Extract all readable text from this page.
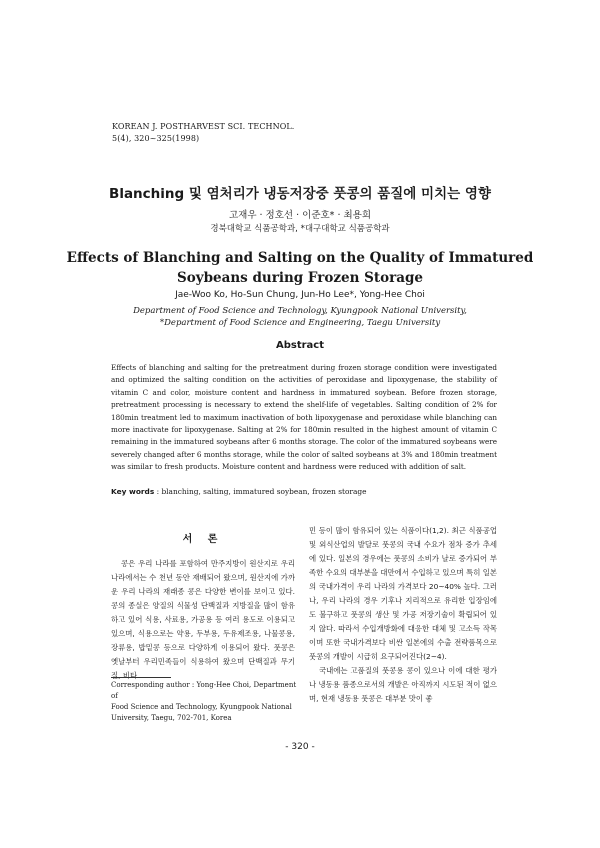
KOREAN J. POSTHARVEST SCI. TECHNOL.
5(4), 320~325(1998)
Blanching 및 염처리가 냉동저장중 풋콩의 품질에 미치는 영향
고재우 · 정호선 · 이준호* · 최용희
경북대학교 식품공학과, *대구대학교 식품공학과
Effects of Blanching and Salting on the Quality of Immatured
Soybeans during Frozen Storage
Jae-Woo Ko, Ho-Sun Chung, Jun-Ho Lee*, Yong-Hee Choi
Department of Food Science and Technology, Kyungpook National University,
*Department of Food Science and Engineering, Taegu University
Abstract

Effects of blanching and salting for the pretreatment during frozen storage condition were investigated and optimized the salting condition on the activities of peroxidase and lipoxygenase, the stability of vitamin C and color, moisture content and hardness in immatured soybean. Before frozen storage, pretreatment processing is necessary to extend the shelf-life of vegetables. Salting condition of 2% for 180min treatment led to maximum inactivation of both lipoxygenase and peroxidase while blanching can more inactivate for lipoxygenase. Salting at 2% for 180min resulted in the highest amount of vitamin C remaining in the immatured soybeans after 6 months storage. The color of the immatured soybeans were severely changed after 6 months storage, while the color of salted soybeans at 3% and 180min treatment was similar to fresh products. Moisture content and hardness were reduced with addition of salt.

Key words : blanching, salting, immatured soybean, frozen storage
서 론

콩은 우리 나라를 포함하여 만주지방이 원산지로 우리 나라에서는 수 천년 동안 재배되어 왔으며, 원산지에 가까운 우리 나라의 재래종 콩은 다양한 변이를 보이고 있다. 콩의 종실은 양질의 식물성 단백질과 지방질을 많이 함유하고 있어 식용, 사료용, 가공용 등 여러 용도로 이용되고 있으며, 식용으로는 약용, 두부용, 두유제조용, 나물콩용, 장류용, 밥밑콩 등으로 다양하게 이용되어 왔다. 풋콩은 옛날부터 우리민족들이 식용하여 왔으며 단백질과 무기질, 비타

민 등이 많이 함유되어 있는 식품이다(1,2). 최근 식품공업 및 외식산업의 발달로 풋콩의 국내 수요가 점차 증가 추세에 있다. 일본의 경우에는 풋콩의 소비가 날로 증가되어 부족한 수요의 대부분을 대만에서 수입하고 있으며 특히 일본의 국내가격이 우리 나라의 가격보다 20~40% 높다. 그러나, 우리 나라의 경우 기후나 지리적으로 유리한 입장임에도 불구하고 풋콩의 생산 및 가공 저장기술이 확립되어 있지 않다. 따라서 수입개방화에 대응한 대체 및 고소득 작목이며 또한 국내가격보다 비싼 일본에의 수출 전략품목으로 풋콩의 개발이 시급히 요구되어진다(2~4).

국내에는 고품질의 풋콩용 콩이 있으나 이에 대한 평가나 냉동용 품종으로서의 개발은 아직까지 시도된 적이 없으며, 현재 냉동용 풋콩은 대부분 맛이 좋

Corresponding author : Yong-Hee Choi, Department of
Food Science and Technology, Kyungpook National
University, Taegu, 702-701, Korea
- 320 -
